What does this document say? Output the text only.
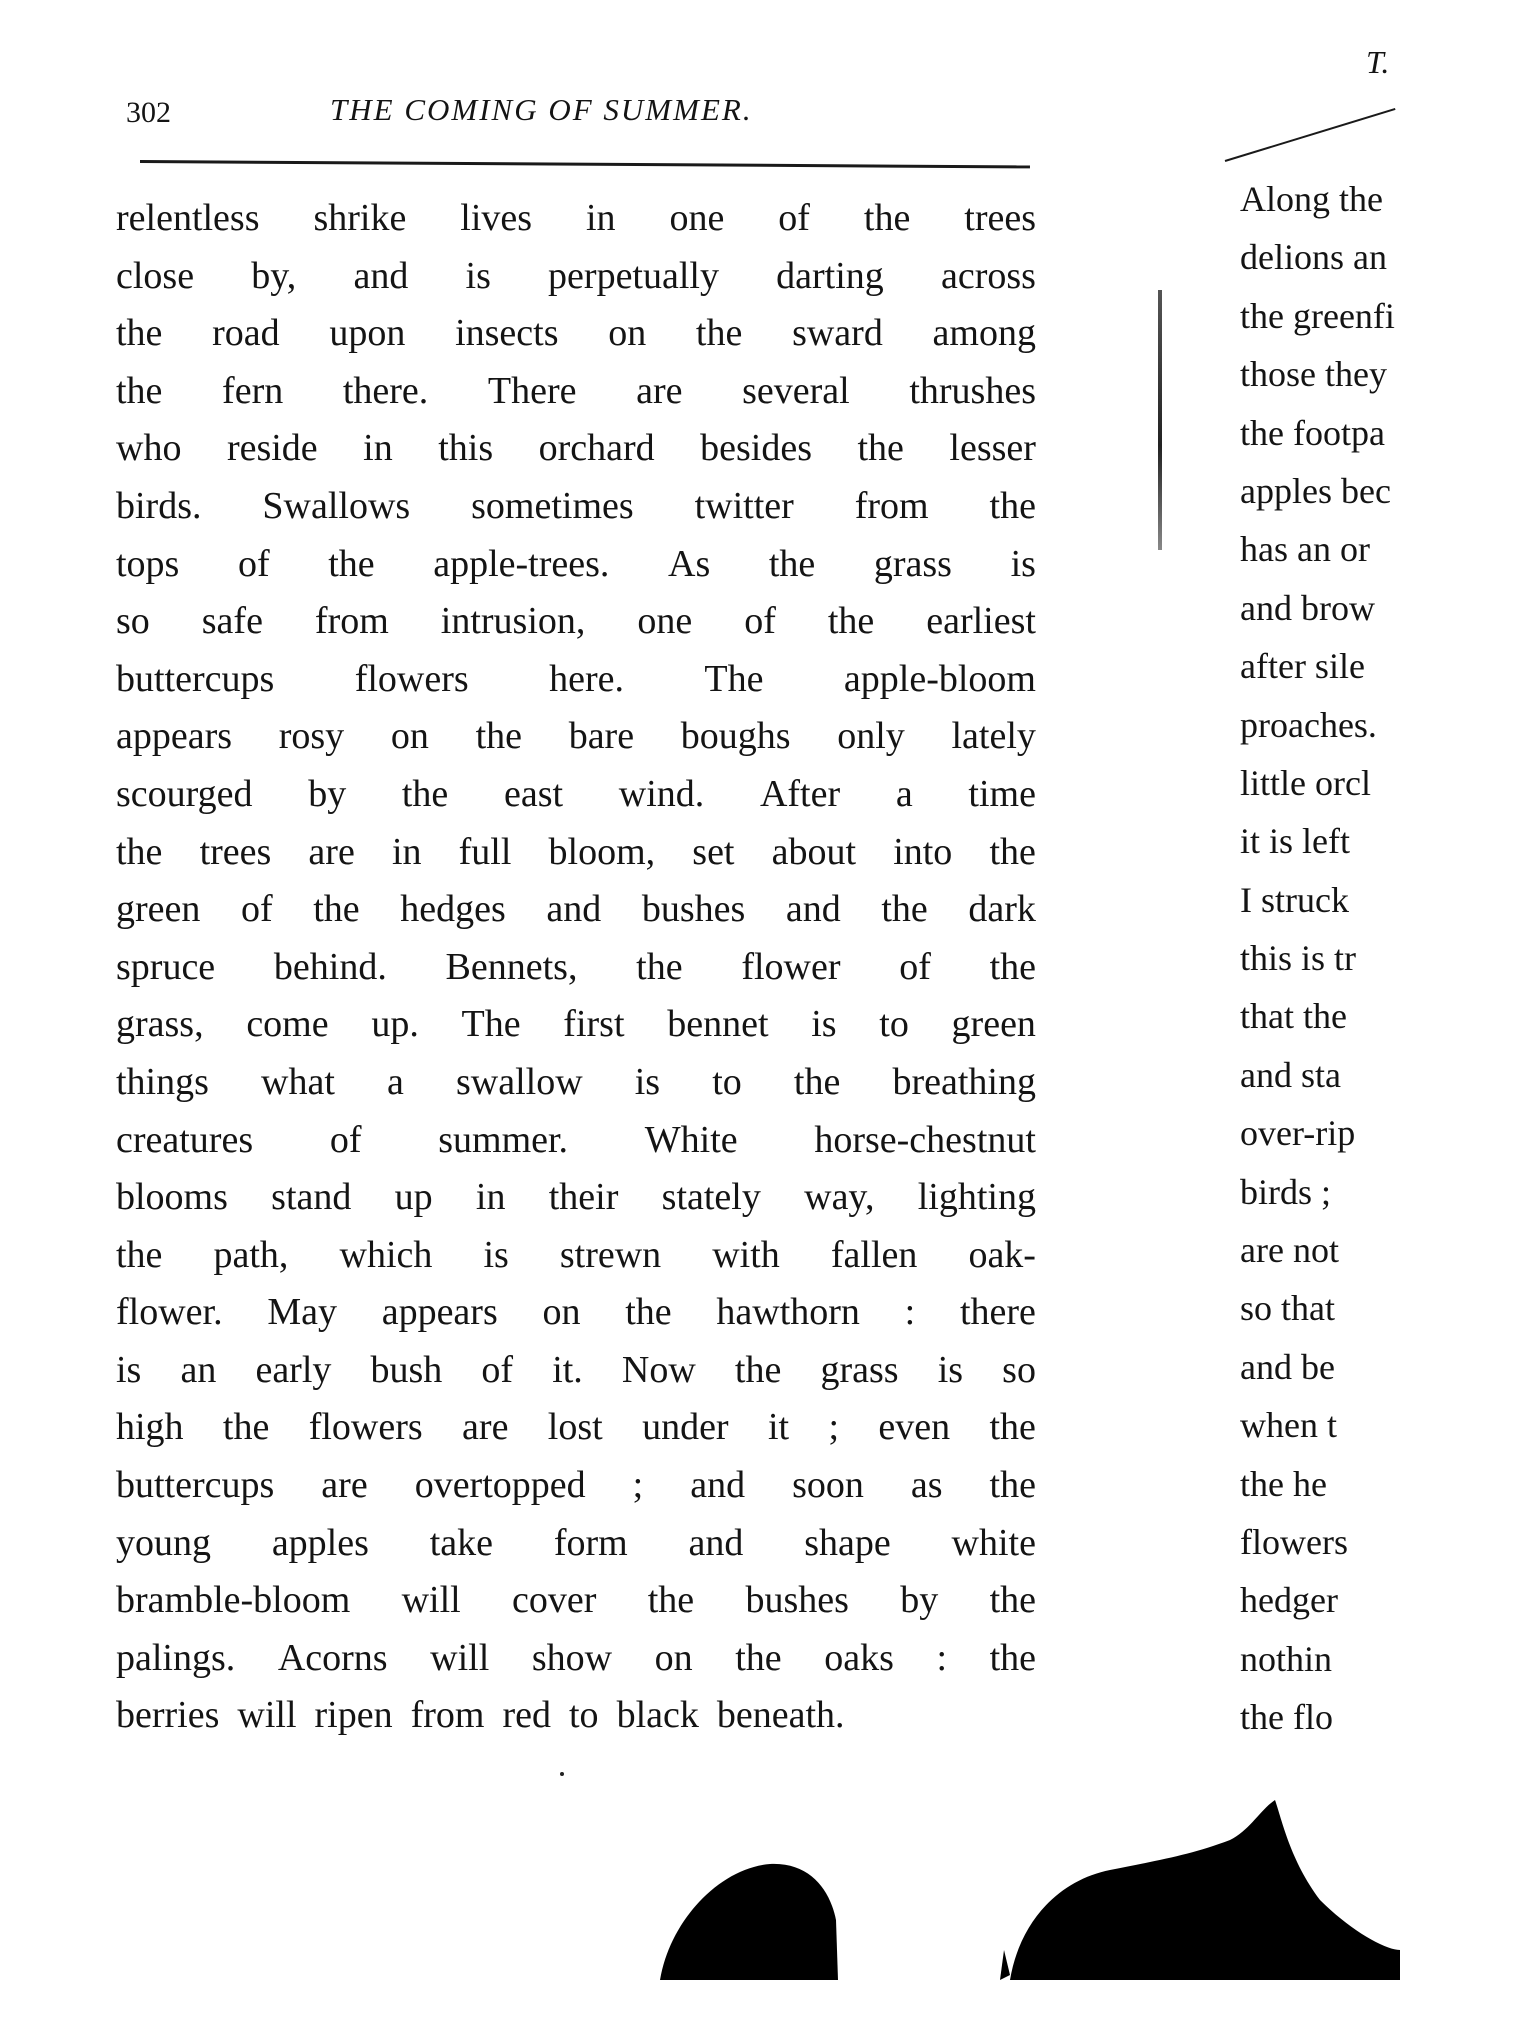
302	THE COMING OF SUMMER.
relentless shrike lives in one of the trees
close by, and is perpetually darting across
the road upon insects on the sward among
the fern there. There are several thrushes
who reside in this orchard besides the lesser
birds. Swallows sometimes twitter from the
tops of the apple-trees. As the grass is
so safe from intrusion, one of the earliest
buttercups flowers here. The apple-bloom
appears rosy on the bare boughs only lately
scourged by the east wind. After a time
the trees are in full bloom, set about into the
green of the hedges and bushes and the dark
spruce behind. Bennets, the flower of the
grass, come up. The first bennet is to green
things what a swallow is to the breathing
creatures of summer. White horse-chestnut
blooms stand up in their stately way, lighting
the path, which is strewn with fallen oak-
flower. May appears on the hawthorn : there
is an early bush of it. Now the grass is so
high the flowers are lost under it ; even the
buttercups are overtopped ; and soon as the
young apples take form and shape white
bramble-bloom will cover the bushes by the
palings. Acorns will show on the oaks : the
berries will ripen from red to black beneath.
T.
Along the
delions an
the greenfi
those they
the footpa
apples bec
has an or
and brow
after sile
proaches.
little orcl
it is left
I struck
this is tr
that the
and sta
over-rip
birds ;
are not
so that
and be
when t
the he
flowers
hedger
nothin
the flo
